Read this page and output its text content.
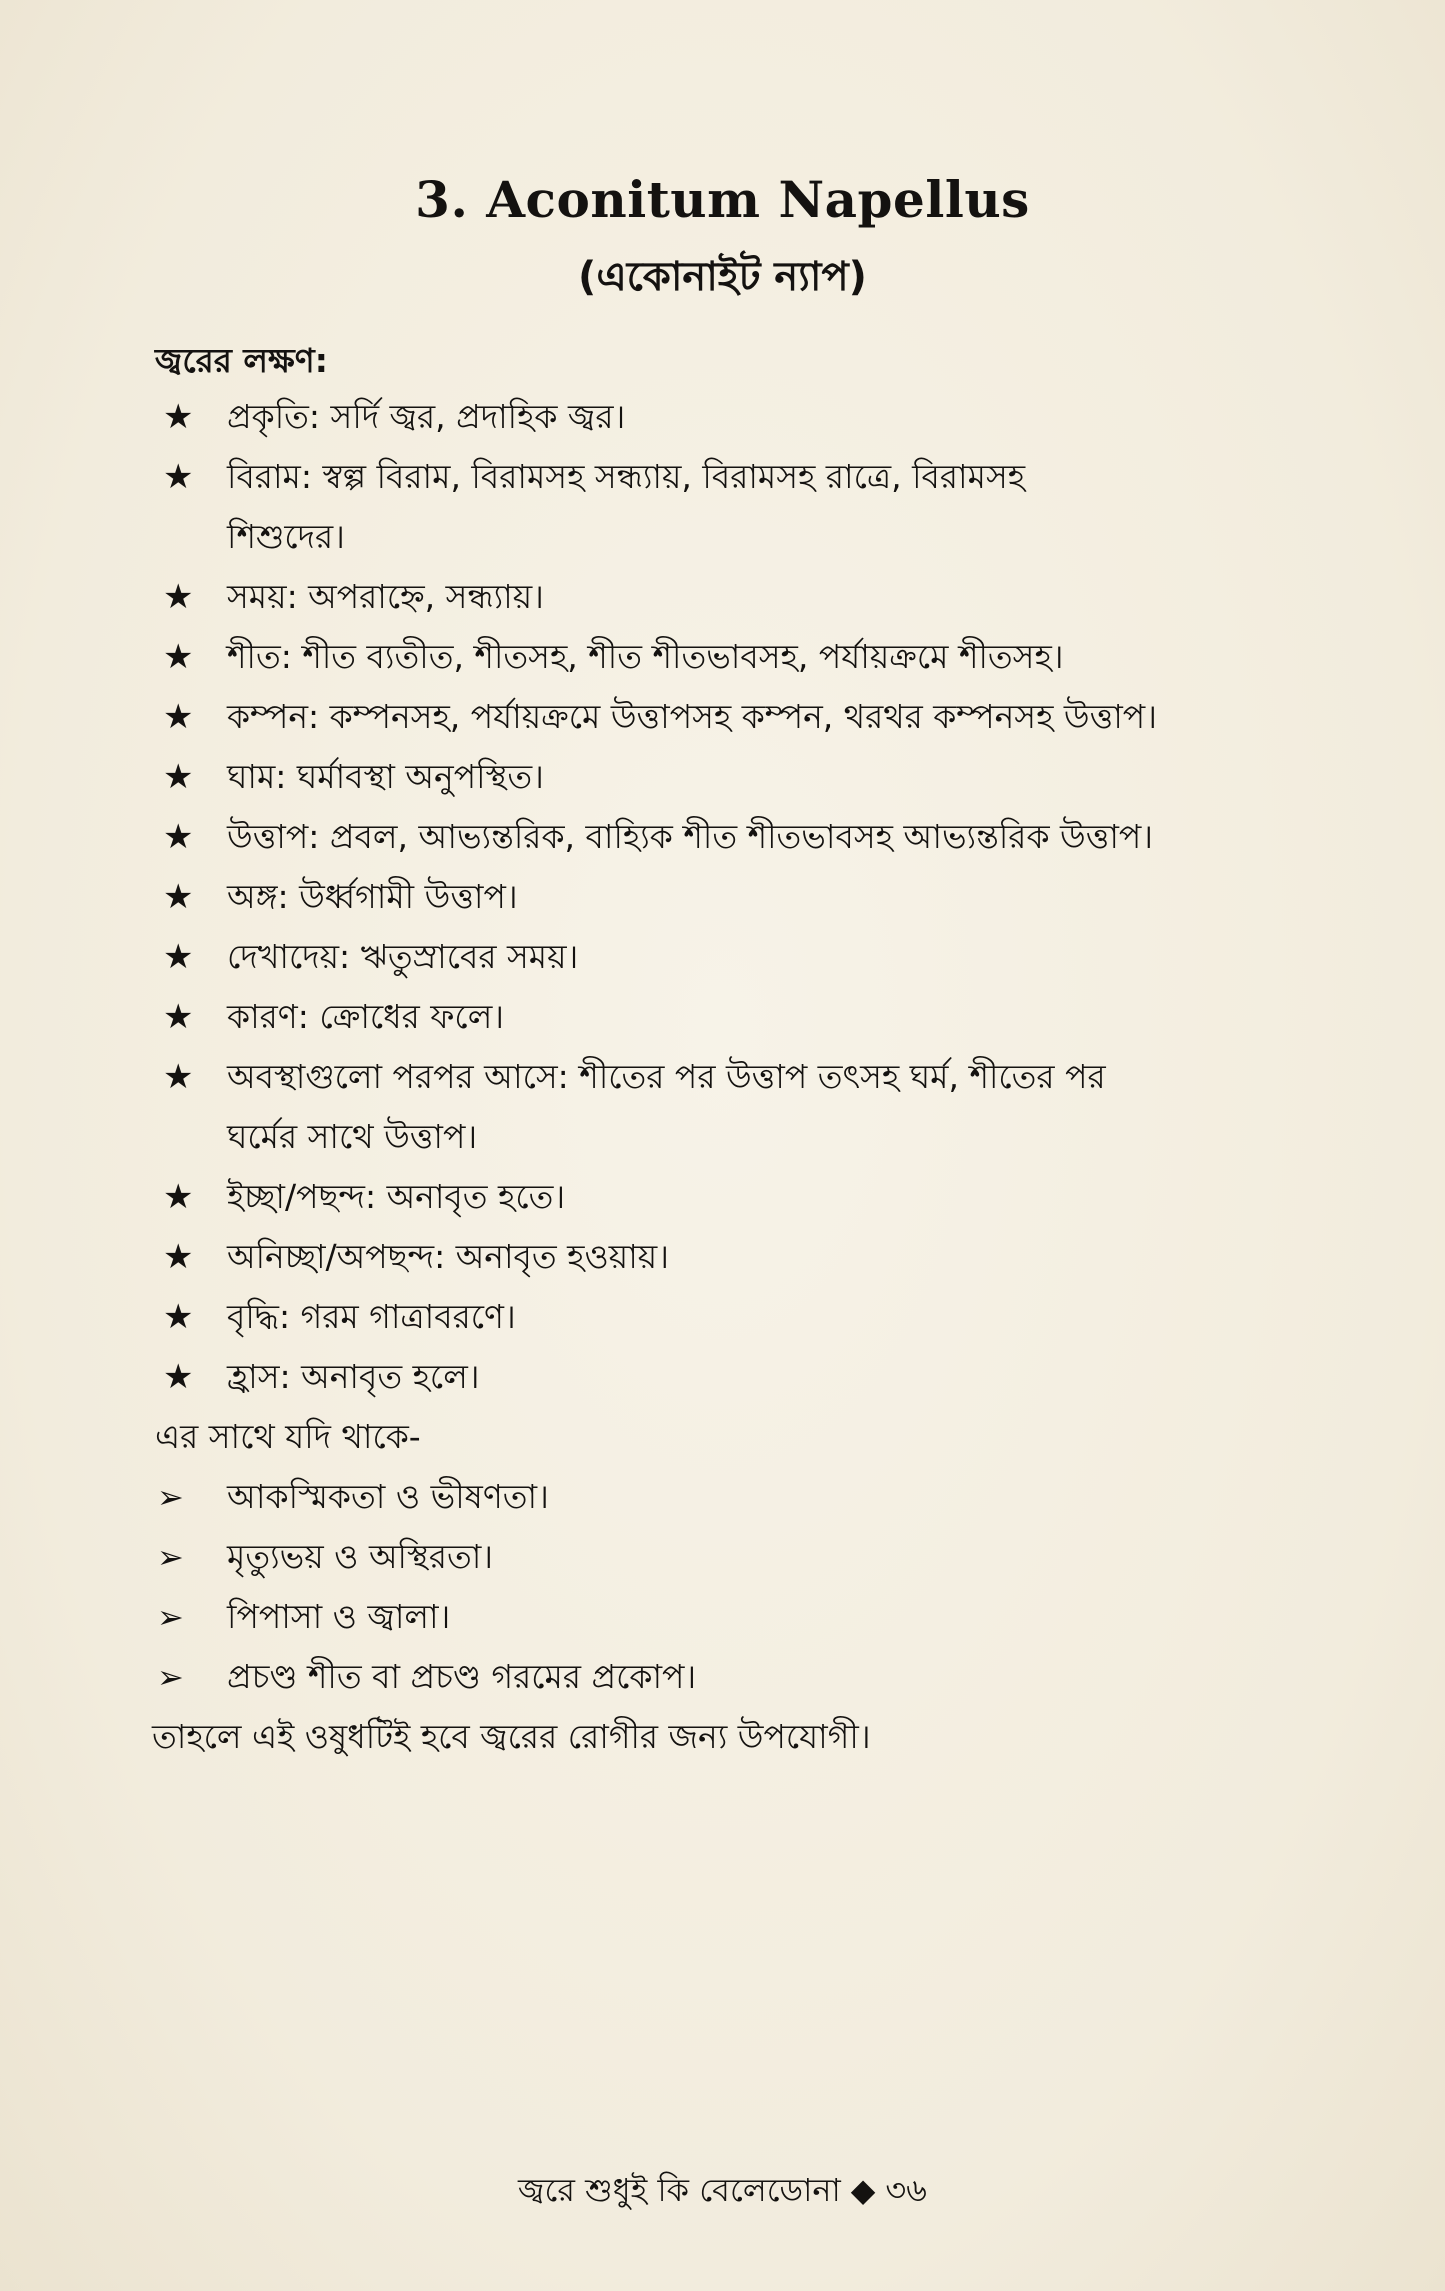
3. Aconitum Napellus
(একোনাইট ন্যাপ)
জ্বরের লক্ষণ:
★ প্রকৃতি: সর্দি জ্বর, প্রদাহিক জ্বর।
★ বিরাম: স্বল্প বিরাম, বিরামসহ সন্ধ্যায়, বিরামসহ রাত্রে, বিরামসহ
শিশুদের।
★ সময়: অপরাহ্নে, সন্ধ্যায়।
★ শীত: শীত ব্যতীত, শীতসহ, শীত শীতভাবসহ, পর্যায়ক্রমে শীতসহ।
★ কম্পন: কম্পনসহ, পর্যায়ক্রমে উত্তাপসহ কম্পন, থরথর কম্পনসহ উত্তাপ।
★ ঘাম: ঘর্মাবস্থা অনুপস্থিত।
★ উত্তাপ: প্রবল, আভ্যন্তরিক, বাহ্যিক শীত শীতভাবসহ আভ্যন্তরিক উত্তাপ।
★ অঙ্গ: উর্ধ্বগামী উত্তাপ।
★ দেখাদেয়: ঋতুস্রাবের সময়।
★ কারণ: ক্রোধের ফলে।
★ অবস্থাগুলো পরপর আসে: শীতের পর উত্তাপ তৎসহ ঘর্ম, শীতের পর
ঘর্মের সাথে উত্তাপ।
★ ইচ্ছা/পছন্দ: অনাবৃত হতে।
★ অনিচ্ছা/অপছন্দ: অনাবৃত হওয়ায়।
★ বৃদ্ধি: গরম গাত্রাবরণে।
★ হ্রাস: অনাবৃত হলে।
এর সাথে যদি থাকে-
➢ আকস্মিকতা ও ভীষণতা।
➢ মৃত্যুভয় ও অস্থিরতা।
➢ পিপাসা ও জ্বালা।
➢ প্রচণ্ড শীত বা প্রচণ্ড গরমের প্রকোপ।
তাহলে এই ওষুধটিই হবে জ্বরের রোগীর জন্য উপযোগী।
জ্বরে শুধুই কি বেলেডোনা ◆ ৩৬
